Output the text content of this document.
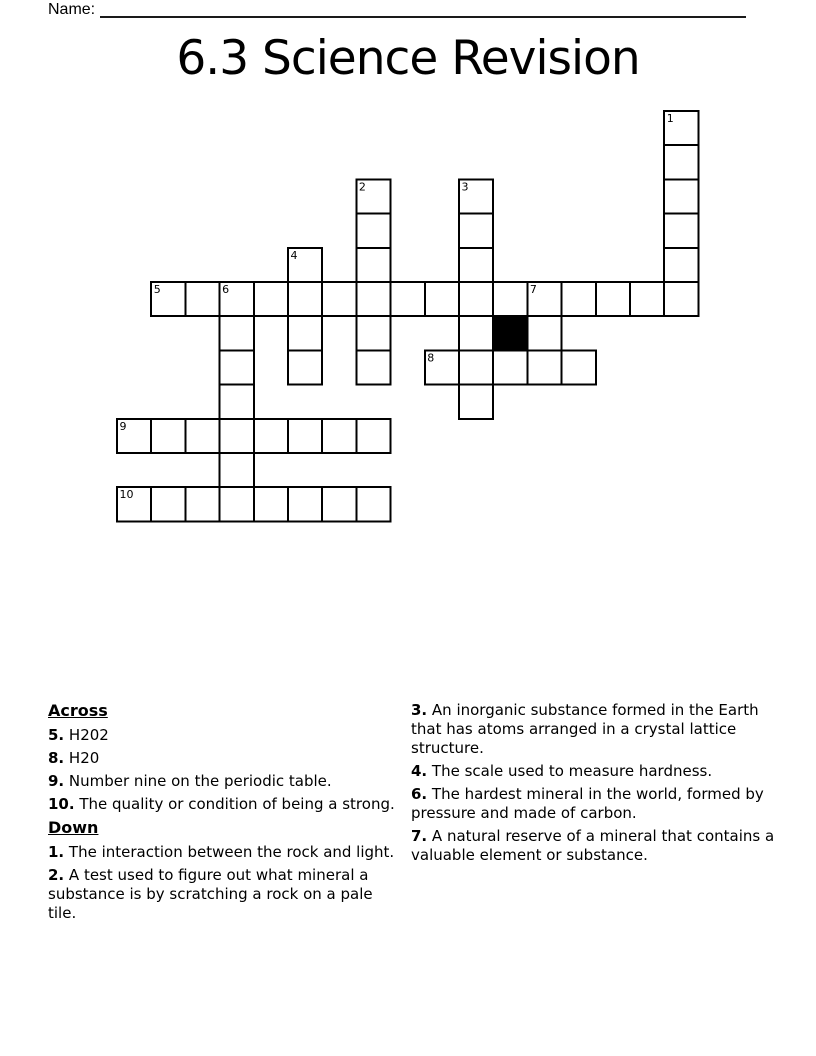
Name:
6.3 Science Revision
1
2	3
4
5	6	7
8
9
10
Across
5. H202
8. H20
9. Number nine on the periodic table.
10. The quality or condition of being a strong.
Down
1. The interaction between the rock and light.
2. A test used to figure out what mineral a substance is by scratching a rock on a pale tile.
3. An inorganic substance formed in the Earth that has atoms arranged in a crystal lattice structure.
4. The scale used to measure hardness.
6. The hardest mineral in the world, formed by pressure and made of carbon.
7. A natural reserve of a mineral that contains a valuable element or substance.
